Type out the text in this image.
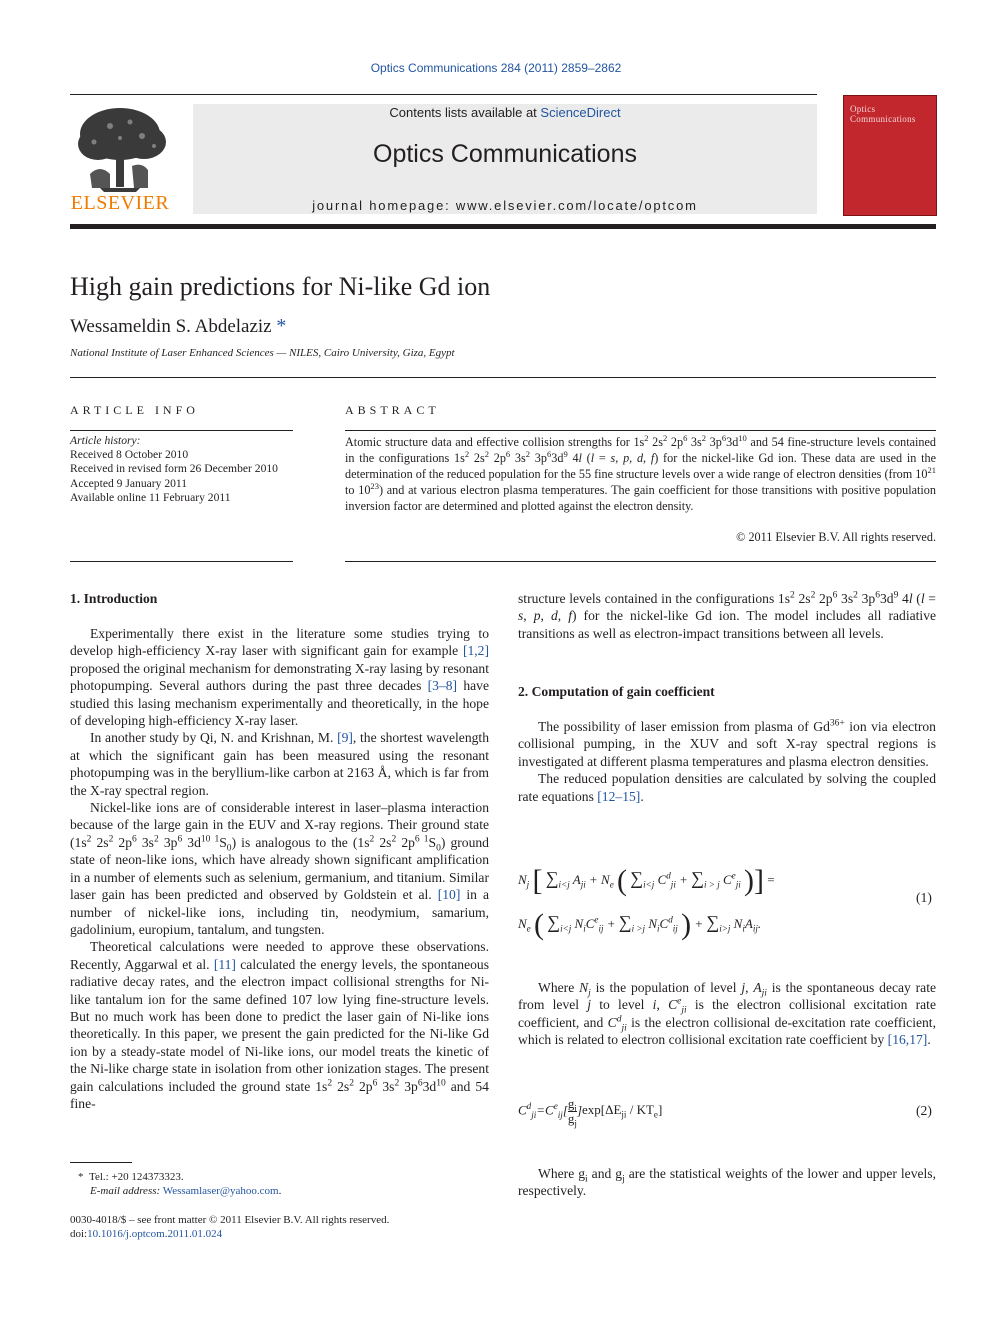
Optics Communications 284 (2011) 2859–2862
ELSEVIER
Contents lists available at ScienceDirect
Optics Communications
journal homepage: www.elsevier.com/locate/optcom
Optics
Communications
High gain predictions for Ni-like Gd ion
Wessameldin S. Abdelaziz *
National Institute of Laser Enhanced Sciences — NILES, Cairo University, Giza, Egypt
ARTICLE INFO
Article history:
Received 8 October 2010
Received in revised form 26 December 2010
Accepted 9 January 2011
Available online 11 February 2011
ABSTRACT
Atomic structure data and effective collision strengths for $1s^2$ $2s^2$ $2p^6$ $3s^2$ $3p^63d^{10}$ and 54 fine-structure levels contained in the configurations $1s^2$ $2s^2$ $2p^6$ $3s^2$ $3p^63d^9$ 4l (l = s, p, d, f) for the nickel-like Gd ion. These data are used in the determination of the reduced population for the 55 fine structure levels over a wide range of electron densities (from $10^{21}$ to $10^{23}$) and at various electron plasma temperatures. The gain coefficient for those transitions with positive population inversion factor are determined and plotted against the electron density.
© 2011 Elsevier B.V. All rights reserved.
1. Introduction

Experimentally there exist in the literature some studies trying to develop high-efficiency X-ray laser with significant gain for example [1,2] proposed the original mechanism for demonstrating X-ray lasing by resonant photopumping. Several authors during the past three decades [3–8] have studied this lasing mechanism experimentally and theoretically, in the hope of developing high-efficiency X-ray laser.

In another study by Qi, N. and Krishnan, M. [9], the shortest wavelength at which the significant gain has been measured using the resonant photopumping was in the beryllium-like carbon at 2163 Å, which is far from the X-ray spectral region.

Nickel-like ions are of considerable interest in laser–plasma interaction because of the large gain in the EUV and X-ray regions. Their ground state ($1s^2$ $2s^2$ $2p^6$ $3s^2$ $3p^6$ $3d^{10 1}S_0$) is analogous to the ($1s^2$ $2s^2$ $2p^{6 1}S_0$) ground state of neon-like ions, which have already shown significant amplification in a number of elements such as selenium, germanium, and titanium. Similar laser gain has been predicted and observed by Goldstein et al. [10] in a number of nickel-like ions, including tin, neodymium, samarium, gadolinium, europium, tantalum, and tungsten.

Theoretical calculations were needed to approve these observations. Recently, Aggarwal et al. [11] calculated the energy levels, the spontaneous radiative decay rates, and the electron impact collisional strengths for Ni-like tantalum ion for the same defined 107 low lying fine-structure levels. But no much work has been done to predict the laser gain of Ni-like ions theoretically. In this paper, we present the gain predicted for the Ni-like Gd ion by a steady-state model of Ni-like ions, our model treats the kinetic of the Ni-like charge state in isolation from other ionization stages. The present gain calculations included the ground state $1s^2$ $2s^2$ $2p^6$ $3s^2$ $3p^63d^{10}$ and 54 fine-

*  Tel.: +20 124373323.
E-mail address: Wessamlaser@yahoo.com.
0030-4018/$ – see front matter © 2011 Elsevier B.V. All rights reserved.
doi:10.1016/j.optcom.2011.01.024

structure levels contained in the configurations $1s^2$ $2s^2$ $2p^6$ $3s^2$ $3p^63d^9$ 4l (l = s, p, d, f) for the nickel-like Gd ion. The model includes all radiative transitions as well as electron-impact transitions between all levels.

2. Computation of gain coefficient

The possibility of laser emission from plasma of $Gd^{36+}$ ion via electron collisional pumping, in the XUV and soft X-ray spectral regions is investigated at different plasma temperatures and plasma electron densities.

The reduced population densities are calculated by solving the coupled rate equations [12–15].

$N_j$ [ $\sum_{i<j}$ $A_{ji} + N_e$ ( $\sum_{i<j}$ $C^d_{ji} + \sum_{i > j}$ $C^e_{ji}$ )] =
$N_e$ ( $\sum_{i<j}$ $N_iC^e_{ij} + \sum_{i >j}$ $N_iC^d_{ij}$ ) + $\sum_{i>j}$ $N_iA_{ij}$.
(1)

Where $N_j$ is the population of level j, $A_{ji}$ is the spontaneous decay rate from level j to level i, $C^e_{ji}$ is the electron collisional excitation rate coefficient, and $C^d_{ji}$ is the electron collisional de-excitation rate coefficient, which is related to electron collisional excitation rate coefficient by [16,17].

$C^d_{ji}=C^e_{ij}[ \frac{g_i}{g_j} ]\exp[\Delta E_{ji} / KT_e]$	(2)

Where $g_i$ and $g_j$ are the statistical weights of the lower and upper levels, respectively.
